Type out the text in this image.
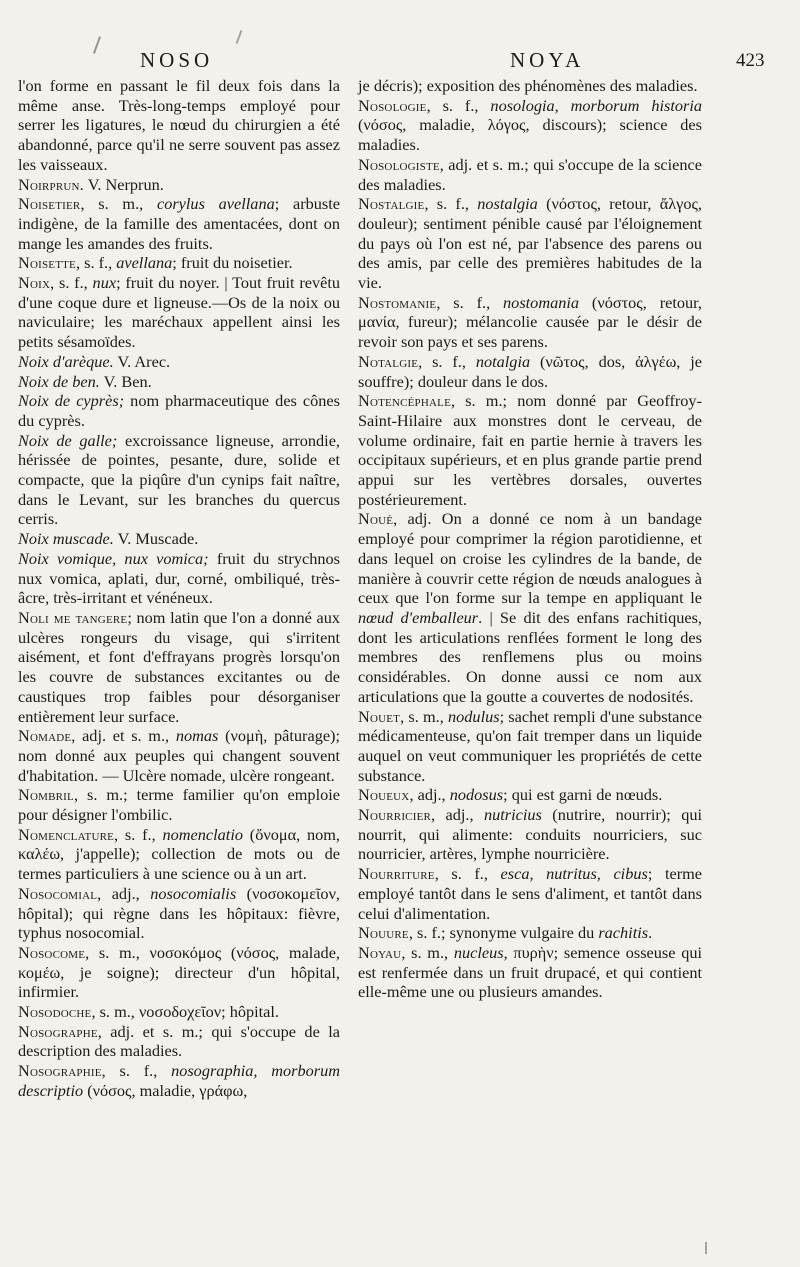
NOSO	NOYA	423

l'on forme en passant le fil deux fois dans la même anse. Très-long-temps employé pour serrer les ligatures, le nœud du chirurgien a été abandonné, parce qu'il ne serre souvent pas assez les vaisseaux.

Noirprun. V. Nerprun.

Noisetier, s. m., corylus avellana; arbuste indigène, de la famille des amentacées, dont on mange les amandes des fruits.

Noisette, s. f., avellana; fruit du noisetier.

Noix, s. f., nux; fruit du noyer. | Tout fruit revêtu d'une coque dure et ligneuse.—Os de la noix ou naviculaire; les maréchaux appellent ainsi les petits sésamoïdes.

Noix d'arèque. V. Arec.

Noix de ben. V. Ben.

Noix de cyprès; nom pharmaceutique des cônes du cyprès.

Noix de galle; excroissance ligneuse, arrondie, hérissée de pointes, pesante, dure, solide et compacte, que la piqûre d'un cynips fait naître, dans le Levant, sur les branches du quercus cerris.

Noix muscade. V. Muscade.

Noix vomique, nux vomica; fruit du strychnos nux vomica, aplati, dur, corné, ombiliqué, très-âcre, très-irritant et vénéneux.

Noli me tangere; nom latin que l'on a donné aux ulcères rongeurs du visage, qui s'irritent aisément, et font d'effrayans progrès lorsqu'on les couvre de substances excitantes ou de caustiques trop faibles pour désorganiser entièrement leur surface.

Nomade, adj. et s. m., nomas (νομὴ, pâturage); nom donné aux peuples qui changent souvent d'habitation. — Ulcère nomade, ulcère rongeant.

Nombril, s. m.; terme familier qu'on emploie pour désigner l'ombilic.

Nomenclature, s. f., nomenclatio (ὄνομα, nom, καλέω, j'appelle); collection de mots ou de termes particuliers à une science ou à un art.

Nosocomial, adj., nosocomialis (νοσοκομεῖον, hôpital); qui règne dans les hôpitaux: fièvre, typhus nosocomial.

Nosocome, s. m., νοσοκόμος (νόσος, malade, κομέω, je soigne); directeur d'un hôpital, infirmier.

Nosodoche, s. m., νοσοδοχεῖον; hôpital.

Nosographe, adj. et s. m.; qui s'occupe de la description des maladies.

Nosographie, s. f., nosographia, morborum descriptio (νόσος, maladie, γράφω,

je décris); exposition des phénomènes des maladies.

Nosologie, s. f., nosologia, morborum historia (νόσος, maladie, λόγος, discours); science des maladies.

Nosologiste, adj. et s. m.; qui s'occupe de la science des maladies.

Nostalgie, s. f., nostalgia (νόστος, retour, ἄλγος, douleur); sentiment pénible causé par l'éloignement du pays où l'on est né, par l'absence des parens ou des amis, par celle des premières habitudes de la vie.

Nostomanie, s. f., nostomania (νόστος, retour, μανία, fureur); mélancolie causée par le désir de revoir son pays et ses parens.

Notalgie, s. f., notalgia (νῶτος, dos, ἀλγέω, je souffre); douleur dans le dos.

Notencéphale, s. m.; nom donné par Geoffroy-Saint-Hilaire aux monstres dont le cerveau, de volume ordinaire, fait en partie hernie à travers les occipitaux supérieurs, et en plus grande partie prend appui sur les vertèbres dorsales, ouvertes postérieurement.

Noué, adj. On a donné ce nom à un bandage employé pour comprimer la région parotidienne, et dans lequel on croise les cylindres de la bande, de manière à couvrir cette région de nœuds analogues à ceux que l'on forme sur la tempe en appliquant le nœud d'emballeur. | Se dit des enfans rachitiques, dont les articulations renflées forment le long des membres des renflemens plus ou moins considérables. On donne aussi ce nom aux articulations que la goutte a couvertes de nodosités.

Nouet, s. m., nodulus; sachet rempli d'une substance médicamenteuse, qu'on fait tremper dans un liquide auquel on veut communiquer les propriétés de cette substance.

Noueux, adj., nodosus; qui est garni de nœuds.

Nourricier, adj., nutricius (nutrire, nourrir); qui nourrit, qui alimente: conduits nourriciers, suc nourricier, artères, lymphe nourricière.

Nourriture, s. f., esca, nutritus, cibus; terme employé tantôt dans le sens d'aliment, et tantôt dans celui d'alimentation.

Nouure, s. f.; synonyme vulgaire du rachitis.

Noyau, s. m., nucleus, πυρὴν; semence osseuse qui est renfermée dans un fruit drupacé, et qui contient elle-même une ou plusieurs amandes.
